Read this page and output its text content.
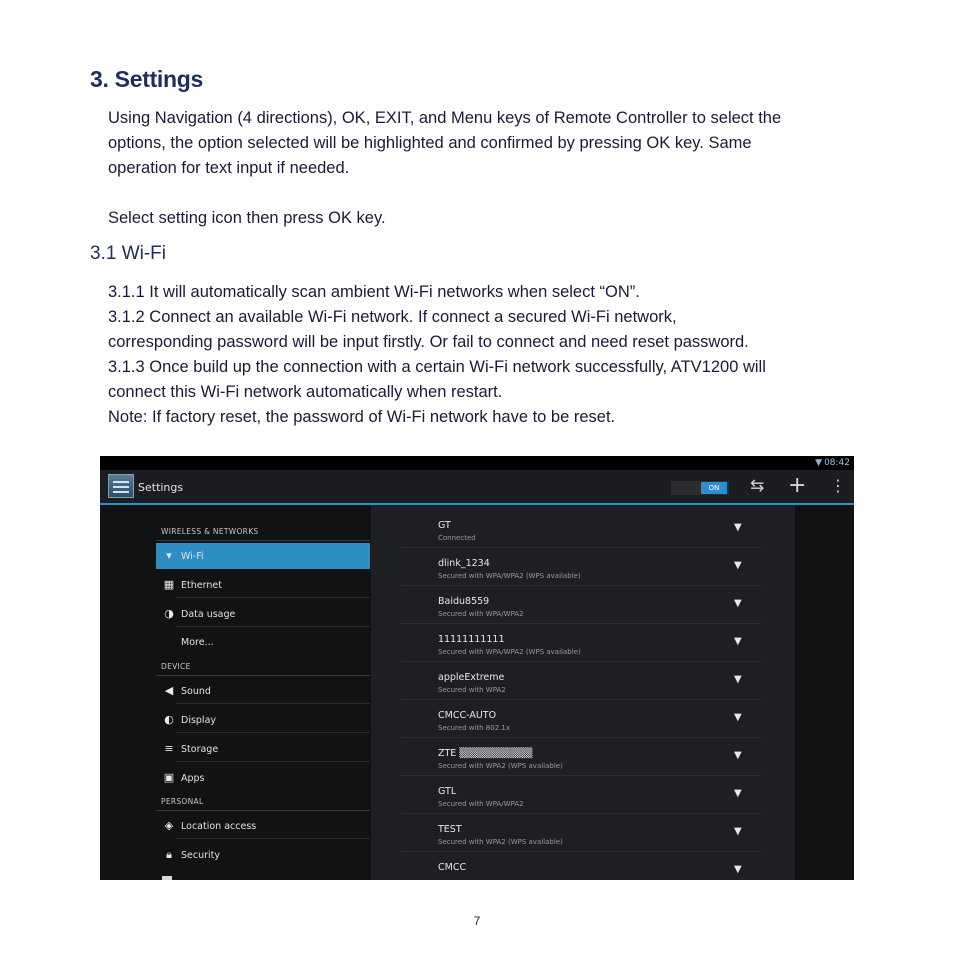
3. Settings

Using Navigation (4 directions), OK, EXIT, and Menu keys of Remote Controller to select the

options, the option selected will be highlighted and confirmed by pressing OK key. Same

operation for text input if needed.

Select setting icon then press OK key.

3.1 Wi-Fi

3.1.1 It will automatically scan ambient Wi-Fi networks when select “ON”.

3.1.2 Connect an available Wi-Fi network. If connect a secured Wi-Fi network,

corresponding password will be input firstly. Or fail to connect and need reset password.

3.1.3 Once build up the connection with a certain Wi-Fi network successfully, ATV1200 will

connect this Wi-Fi network automatically when restart.

Note: If factory reset, the password of Wi-Fi network have to be reset.

▼ 08:42
Settings	ON	⇆ + ⋮
WIRELESS & NETWORKS
▾ Wi-Fi
▦ Ethernet
◑ Data usage
More...
DEVICE
◀ Sound
◐ Display
≡ Storage
▣ Apps
PERSONAL
◈ Location access
🔒︎ Security
GT
Connected
▼
dlink_1234
Secured with WPA/WPA2 (WPS available)
▼
Baidu8559
Secured with WPA/WPA2
▼
11111111111
Secured with WPA/WPA2 (WPS available)
▼
appleExtreme
Secured with WPA2
▼
CMCC-AUTO
Secured with 802.1x
▼
ZTE ▒▒▒▒▒▒▒▒▒▒
Secured with WPA2 (WPS available)
▼
GTL
Secured with WPA/WPA2
▼
TEST
Secured with WPA2 (WPS available)
▼
CMCC	▼
7
